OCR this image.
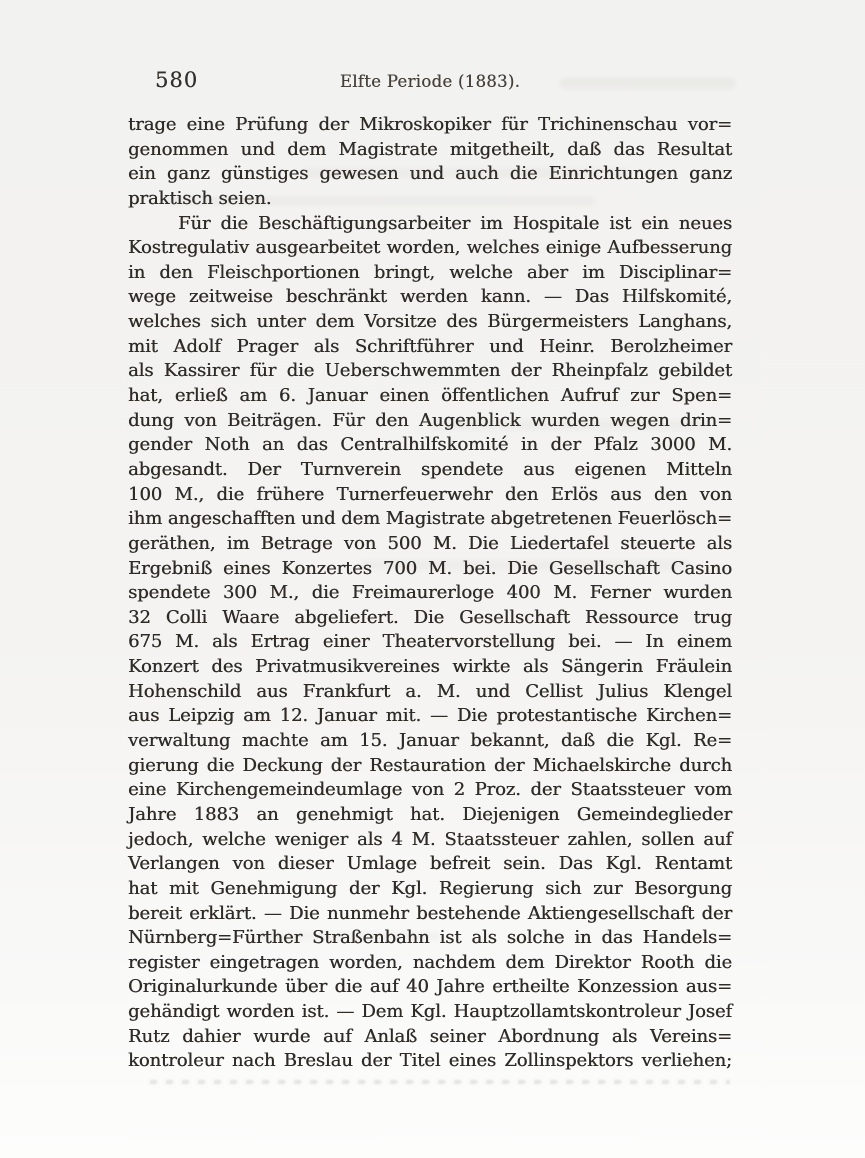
580	Elfte Periode (1883).
trage eine Prüfung der Mikroskopiker für Trichinenschau vor=
genommen und dem Magistrate mitgetheilt, daß das Resultat
ein ganz günstiges gewesen und auch die Einrichtungen ganz
praktisch seien.
Für die Beschäftigungsarbeiter im Hospitale ist ein neues
Kostregulativ ausgearbeitet worden, welches einige Aufbesserung
in den Fleischportionen bringt, welche aber im Disciplinar=
wege zeitweise beschränkt werden kann. — Das Hilfskomité,
welches sich unter dem Vorsitze des Bürgermeisters Langhans,
mit Adolf Prager als Schriftführer und Heinr. Berolzheimer
als Kassirer für die Ueberschwemmten der Rheinpfalz gebildet
hat, erließ am 6. Januar einen öffentlichen Aufruf zur Spen=
dung von Beiträgen. Für den Augenblick wurden wegen drin=
gender Noth an das Centralhilfskomité in der Pfalz 3000 M.
abgesandt. Der Turnverein spendete aus eigenen Mitteln
100 M., die frühere Turnerfeuerwehr den Erlös aus den von
ihm angeschafften und dem Magistrate abgetretenen Feuerlösch=
geräthen, im Betrage von 500 M. Die Liedertafel steuerte als
Ergebniß eines Konzertes 700 M. bei. Die Gesellschaft Casino
spendete 300 M., die Freimaurerloge 400 M. Ferner wurden
32 Colli Waare abgeliefert. Die Gesellschaft Ressource trug
675 M. als Ertrag einer Theatervorstellung bei. — In einem
Konzert des Privatmusikvereines wirkte als Sängerin Fräulein
Hohenschild aus Frankfurt a. M. und Cellist Julius Klengel
aus Leipzig am 12. Januar mit. — Die protestantische Kirchen=
verwaltung machte am 15. Januar bekannt, daß die Kgl. Re=
gierung die Deckung der Restauration der Michaelskirche durch
eine Kirchengemeindeumlage von 2 Proz. der Staatssteuer vom
Jahre 1883 an genehmigt hat. Diejenigen Gemeindeglieder
jedoch, welche weniger als 4 M. Staatssteuer zahlen, sollen auf
Verlangen von dieser Umlage befreit sein. Das Kgl. Rentamt
hat mit Genehmigung der Kgl. Regierung sich zur Besorgung
bereit erklärt. — Die nunmehr bestehende Aktiengesellschaft der
Nürnberg=Fürther Straßenbahn ist als solche in das Handels=
register eingetragen worden, nachdem dem Direktor Rooth die
Originalurkunde über die auf 40 Jahre ertheilte Konzession aus=
gehändigt worden ist. — Dem Kgl. Hauptzollamtskontroleur Josef
Rutz dahier wurde auf Anlaß seiner Abordnung als Vereins=
kontroleur nach Breslau der Titel eines Zollinspektors verliehen;
